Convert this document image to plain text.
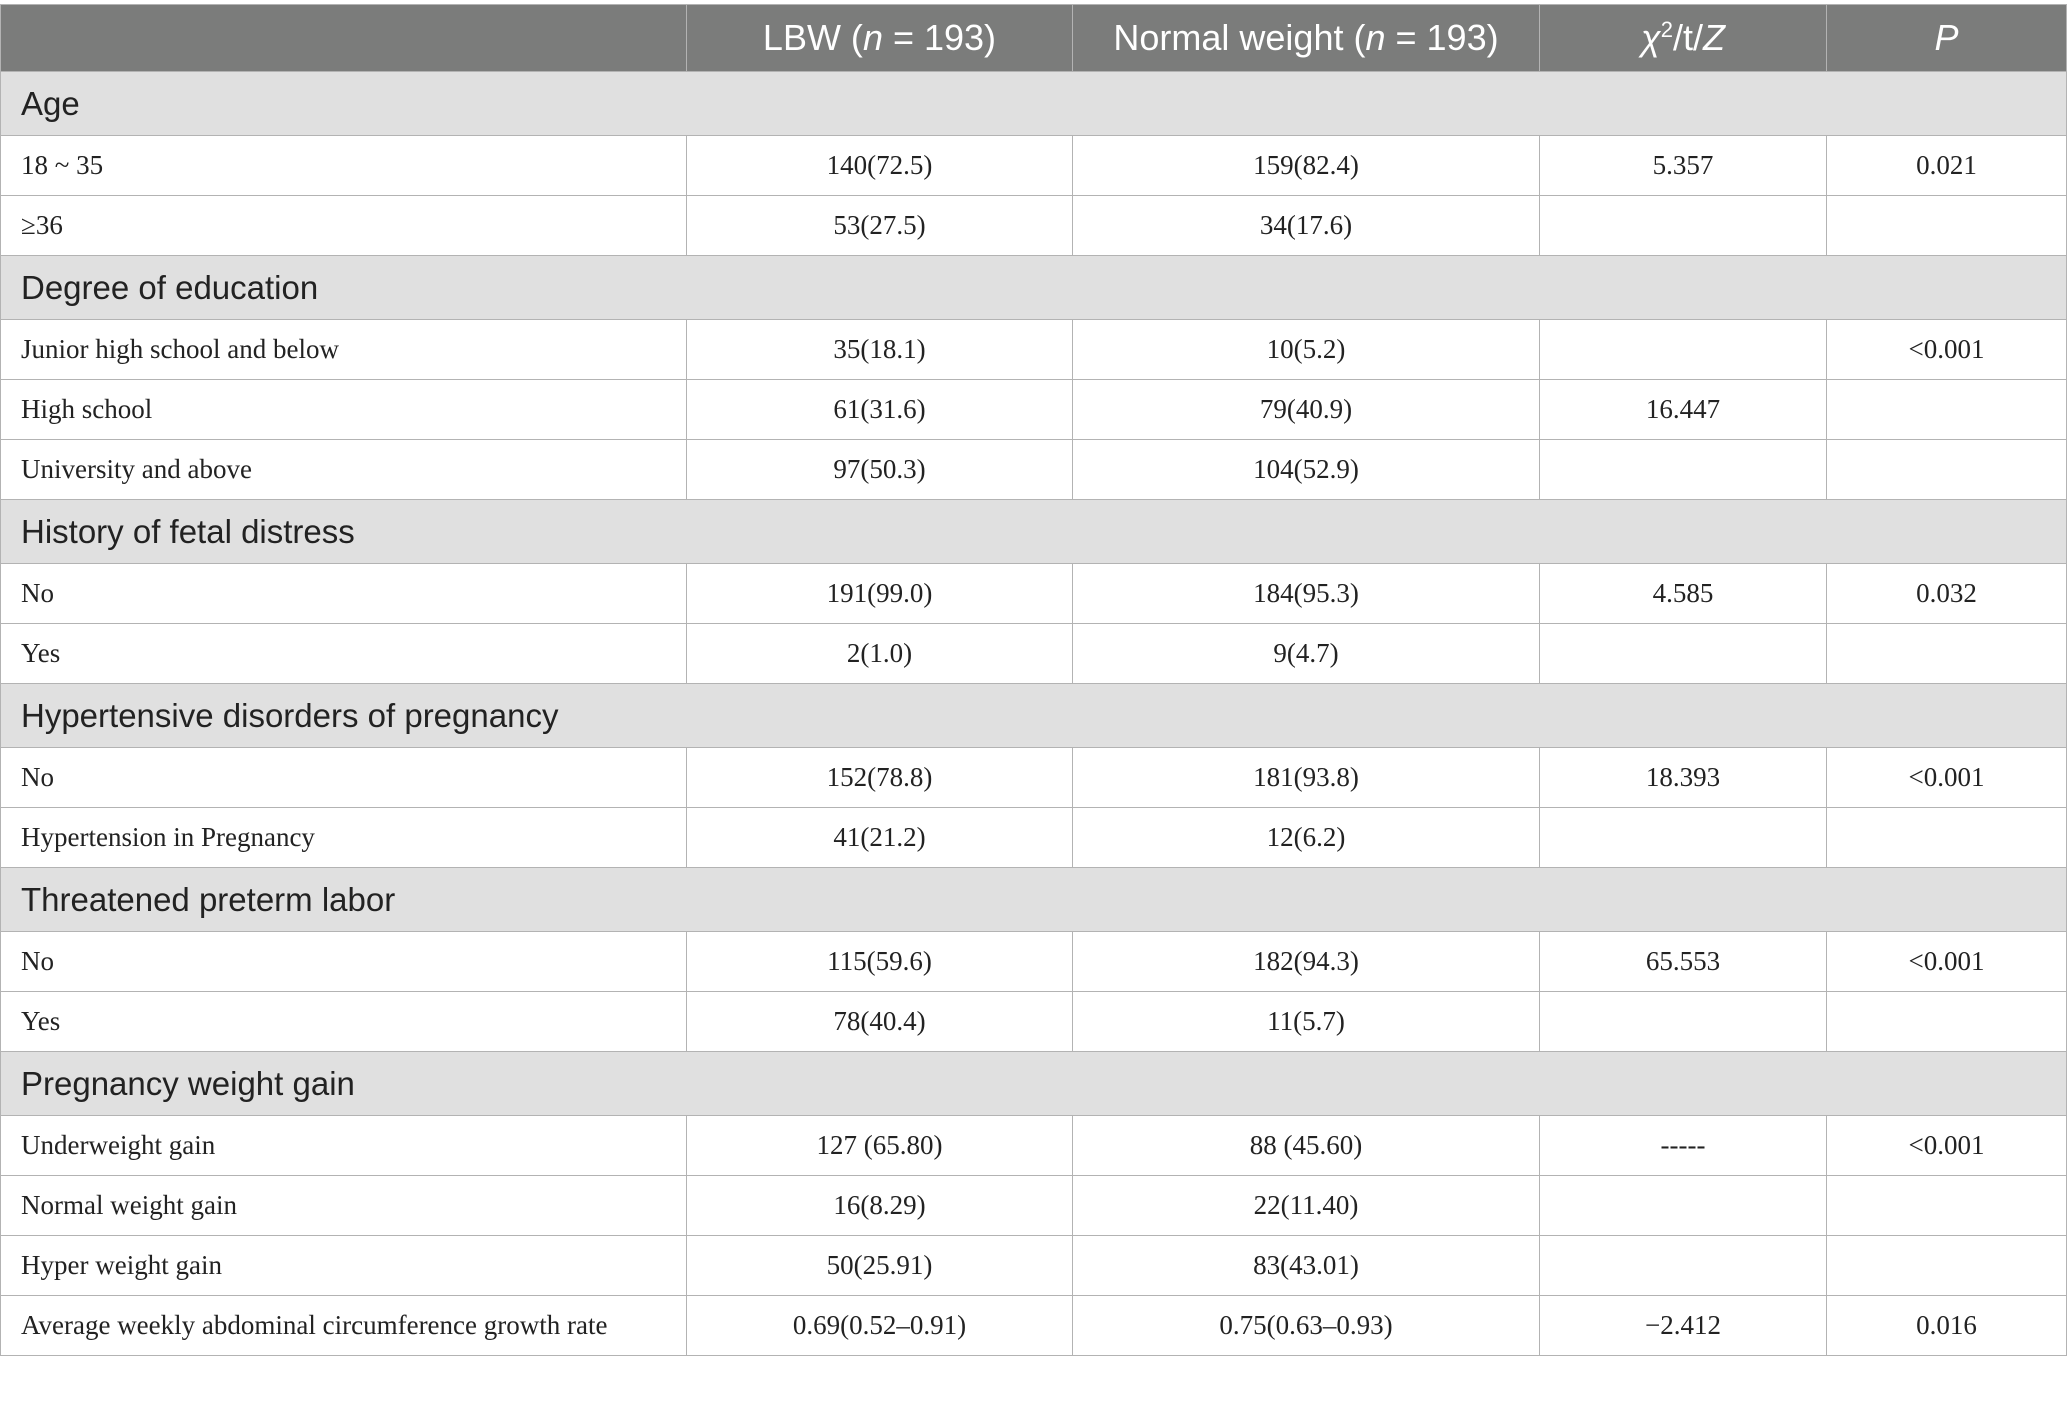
	LBW (n = 193)	Normal weight (n = 193)	$\chi^2/t/Z$	P
Age				
18 ~ 35	140(72.5)	159(82.4)	5.357	0.021
≥36	53(27.5)	34(17.6)		
Degree of education				
Junior high school and below	35(18.1)	10(5.2)		<0.001
High school	61(31.6)	79(40.9)	16.447	
University and above	97(50.3)	104(52.9)		
History of fetal distress				
No	191(99.0)	184(95.3)	4.585	0.032
Yes	2(1.0)	9(4.7)		
Hypertensive disorders of pregnancy				
No	152(78.8)	181(93.8)	18.393	<0.001
Hypertension in Pregnancy	41(21.2)	12(6.2)		
Threatened preterm labor				
No	115(59.6)	182(94.3)	65.553	<0.001
Yes	78(40.4)	11(5.7)		
Pregnancy weight gain				
Underweight gain	127 (65.80)	88 (45.60)	-----	<0.001
Normal weight gain	16(8.29)	22(11.40)		
Hyper weight gain	50(25.91)	83(43.01)		
Average weekly abdominal circumference growth rate	0.69(0.52–0.91)	0.75(0.63–0.93)	−2.412	0.016
